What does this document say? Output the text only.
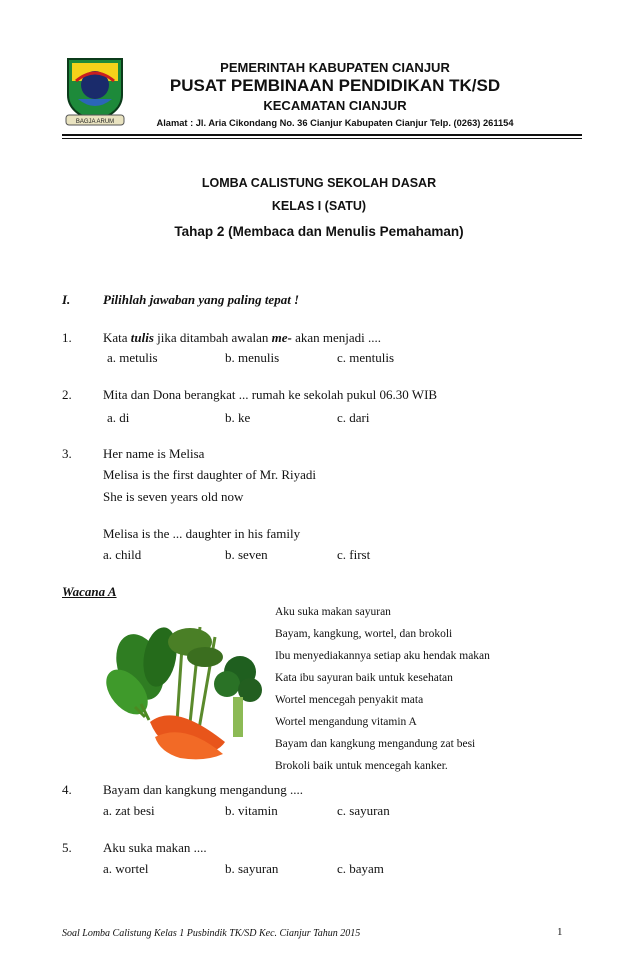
BAGJA ARUM
PEMERINTAH KABUPATEN CIANJUR
PUSAT PEMBINAAN PENDIDIKAN TK/SD
KECAMATAN CIANJUR
Alamat : Jl. Aria Cikondang No. 36 Cianjur Kabupaten Cianjur Telp. (0263) 261154
LOMBA CALISTUNG SEKOLAH DASAR
KELAS I (SATU)
Tahap 2 (Membaca dan Menulis Pemahaman)
I.	Pilihlah jawaban yang paling tepat !
1. Kata tulis jika ditambah awalan me- akan menjadi ....
a. metulis	b. menulis	c. mentulis
2. Mita dan Dona berangkat ... rumah ke sekolah pukul 06.30 WIB
a. di	b. ke	c. dari
3. Her name is Melisa
Melisa is the first daughter of Mr. Riyadi
She is seven years old now
Melisa is the ... daughter in his family
a. child	b. seven	c. first
Wacana A
Aku suka makan sayuran
Bayam, kangkung, wortel, dan brokoli
Ibu menyediakannya setiap aku hendak makan
Kata ibu sayuran baik untuk kesehatan
Wortel mencegah penyakit mata
Wortel mengandung vitamin A
Bayam dan kangkung mengandung zat besi
Brokoli baik untuk mencegah kanker.
4. Bayam dan kangkung mengandung ....
a. zat besi	b. vitamin	c. sayuran
5. Aku suka makan ....
a. wortel	b. sayuran	c. bayam
Soal Lomba Calistung Kelas 1 Pusbindik TK/SD Kec. Cianjur Tahun 2015	1
